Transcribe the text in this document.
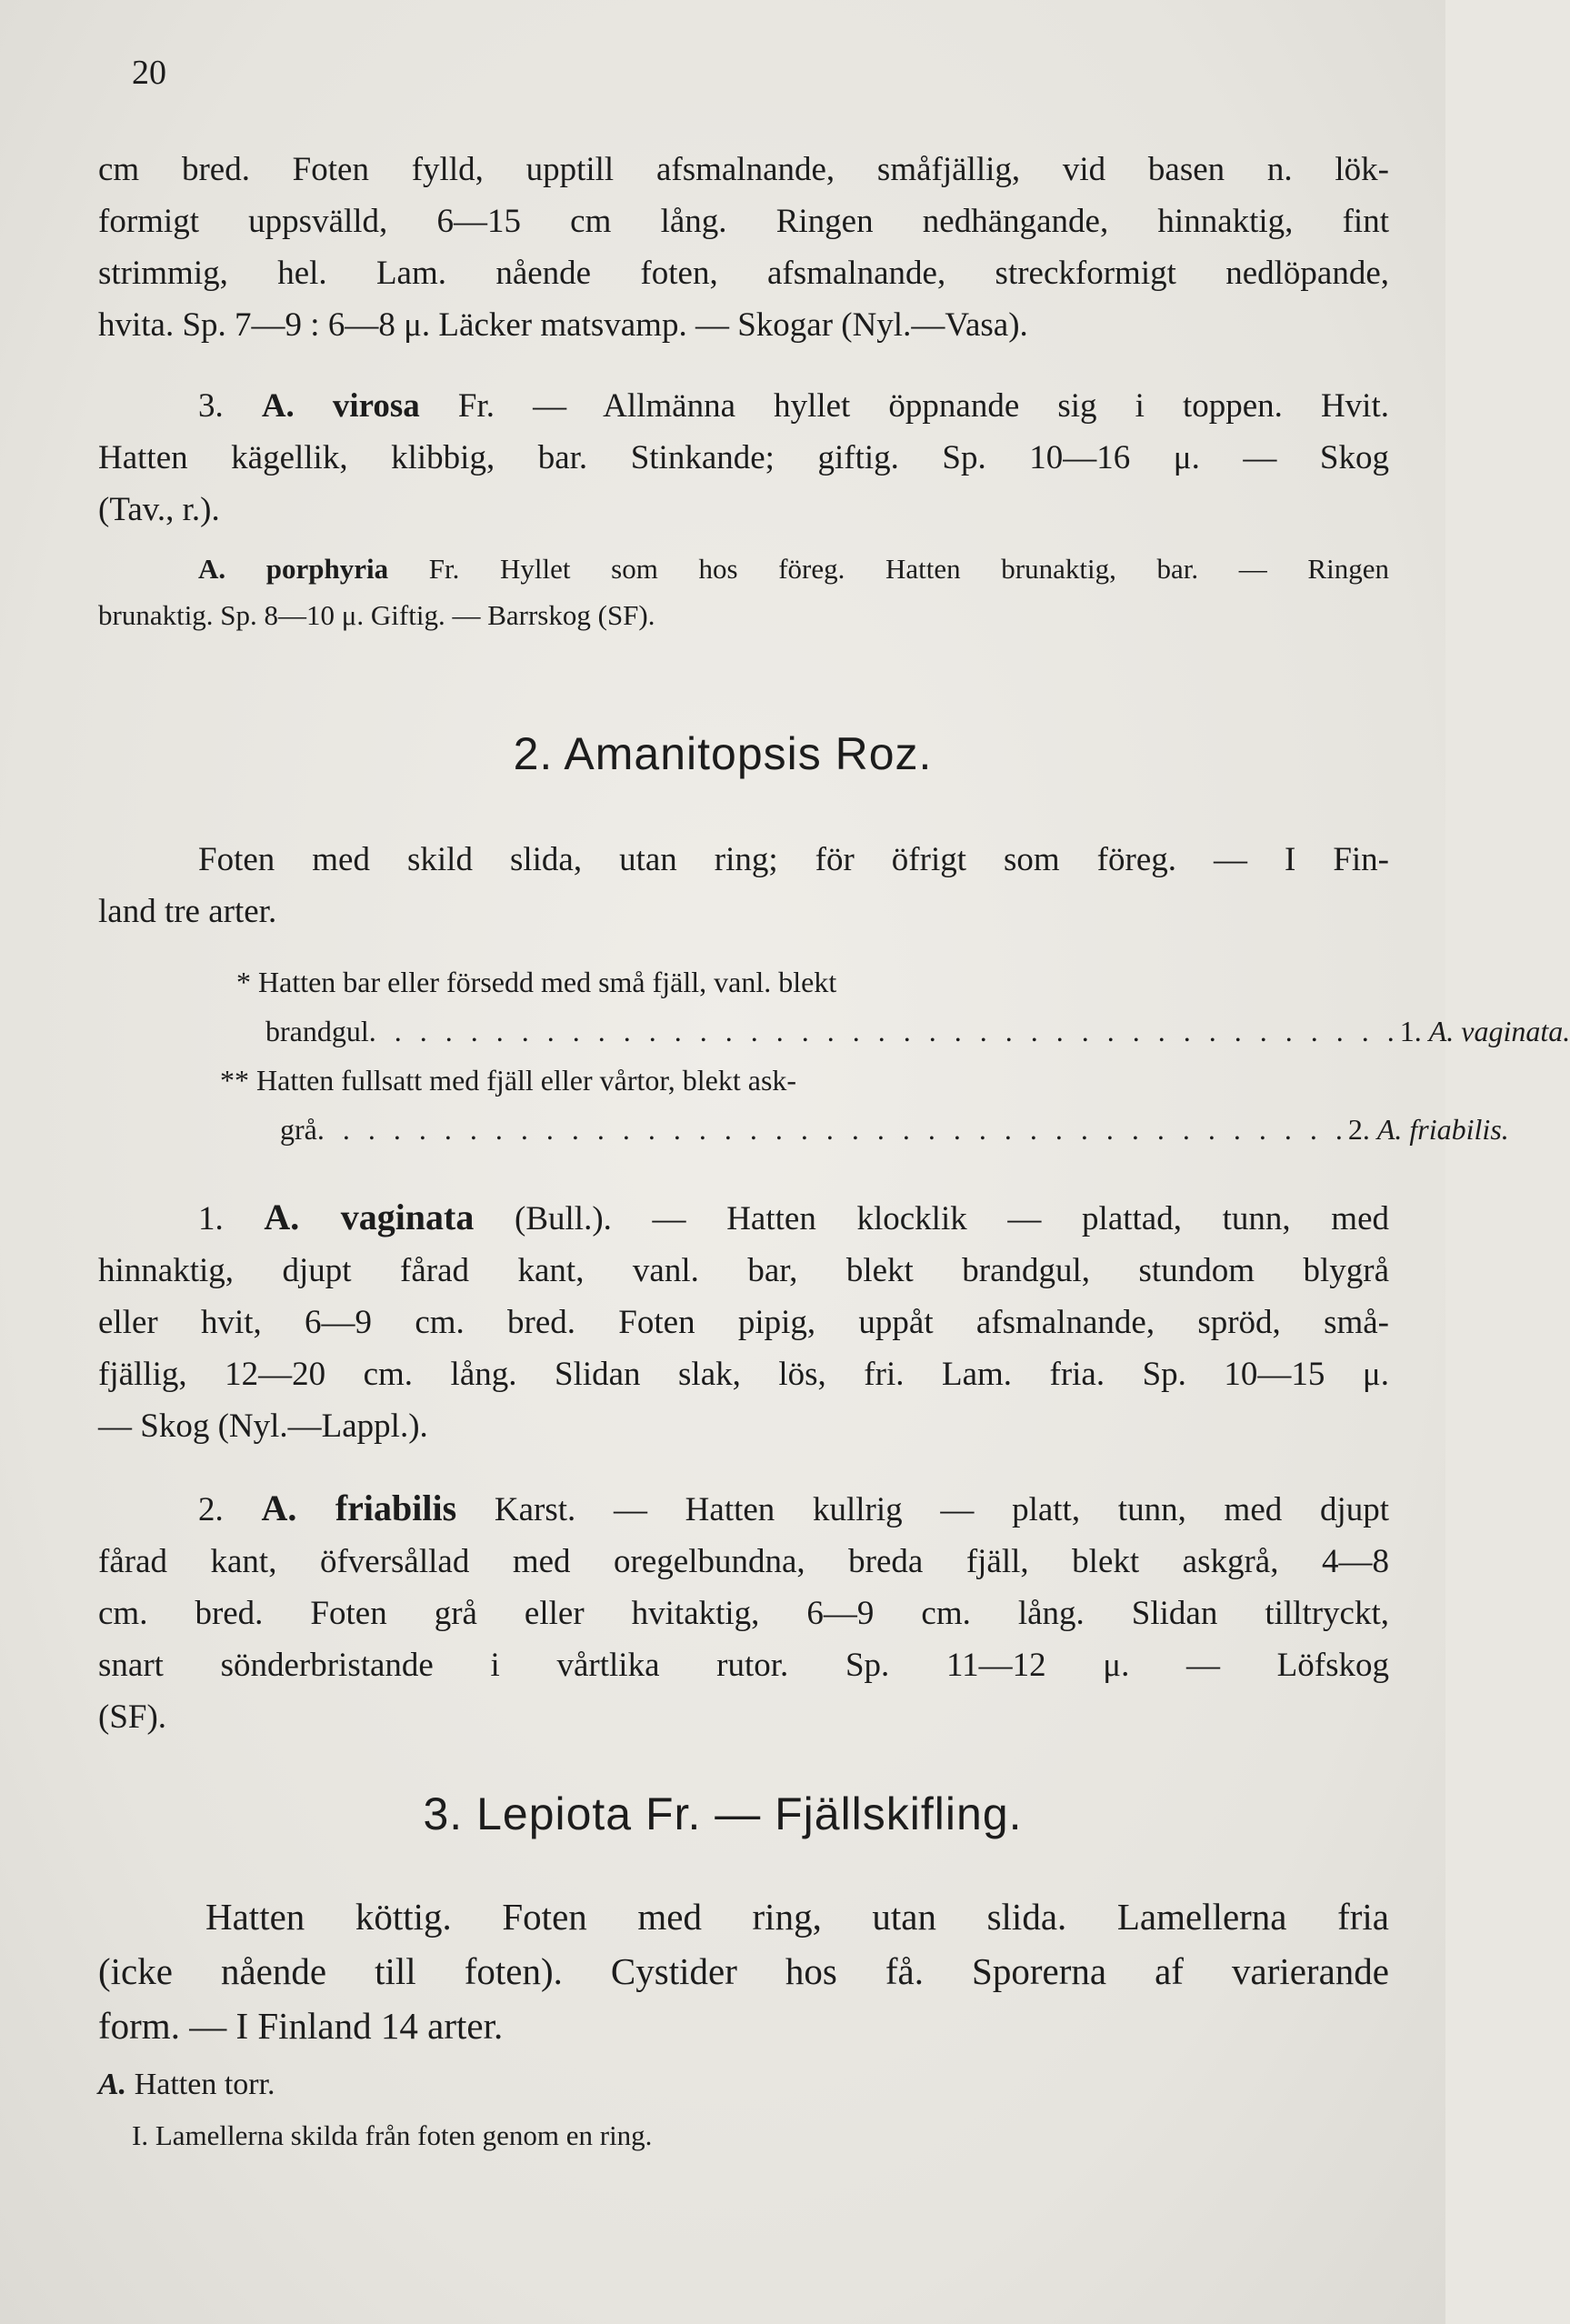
20
cm bred. Foten fylld, upptill afsmalnande, småfjällig, vid basen n. lök-
formigt uppsvälld, 6—15 cm lång. Ringen nedhängande, hinnaktig, fint
strimmig, hel. Lam. nående foten, afsmalnande, streckformigt nedlöpande,
hvita. Sp. 7—9 : 6—8 μ. Läcker matsvamp. — Skogar (Nyl.—Vasa).
3. A. virosa Fr. — Allmänna hyllet öppnande sig i toppen. Hvit.
Hatten kägellik, klibbig, bar. Stinkande; giftig. Sp. 10—16 μ. — Skog
(Tav., r.).
A. porphyria Fr. Hyllet som hos föreg. Hatten brunaktig, bar. — Ringen
brunaktig. Sp. 8—10 μ. Giftig. — Barrskog (SF).
2. Amanitopsis Roz.
Foten med skild slida, utan ring; för öfrigt som föreg. — I Fin-
land tre arter.
* Hatten bar eller försedd med små fjäll, vanl. blekt
brandgul . . . . . . . . . . . . . . . . . . . . . . . . . . . . . . . . . . . . . . . . . 1. A. vaginata.
** Hatten fullsatt med fjäll eller vårtor, blekt ask-
grå . . . . . . . . . . . . . . . . . . . . . . . . . . . . . . . . . . . . . . . . . 2. A. friabilis.
1. A. vaginata (Bull.). — Hatten klocklik — plattad, tunn, med
hinnaktig, djupt fårad kant, vanl. bar, blekt brandgul, stundom blygrå
eller hvit, 6—9 cm. bred. Foten pipig, uppåt afsmalnande, spröd, små-
fjällig, 12—20 cm. lång. Slidan slak, lös, fri. Lam. fria. Sp. 10—15 μ.
— Skog (Nyl.—Lappl.).
2. A. friabilis Karst. — Hatten kullrig — platt, tunn, med djupt
fårad kant, öfversållad med oregelbundna, breda fjäll, blekt askgrå, 4—8
cm. bred. Foten grå eller hvitaktig, 6—9 cm. lång. Slidan tilltryckt,
snart sönderbristande i vårtlika rutor. Sp. 11—12 μ. — Löfskog
(SF).
3. Lepiota Fr. — Fjällskifling.
Hatten köttig. Foten med ring, utan slida. Lamellerna fria
(icke nående till foten). Cystider hos få. Sporerna af varierande
form. — I Finland 14 arter.
A. Hatten torr.
I. Lamellerna skilda från foten genom en ring.
